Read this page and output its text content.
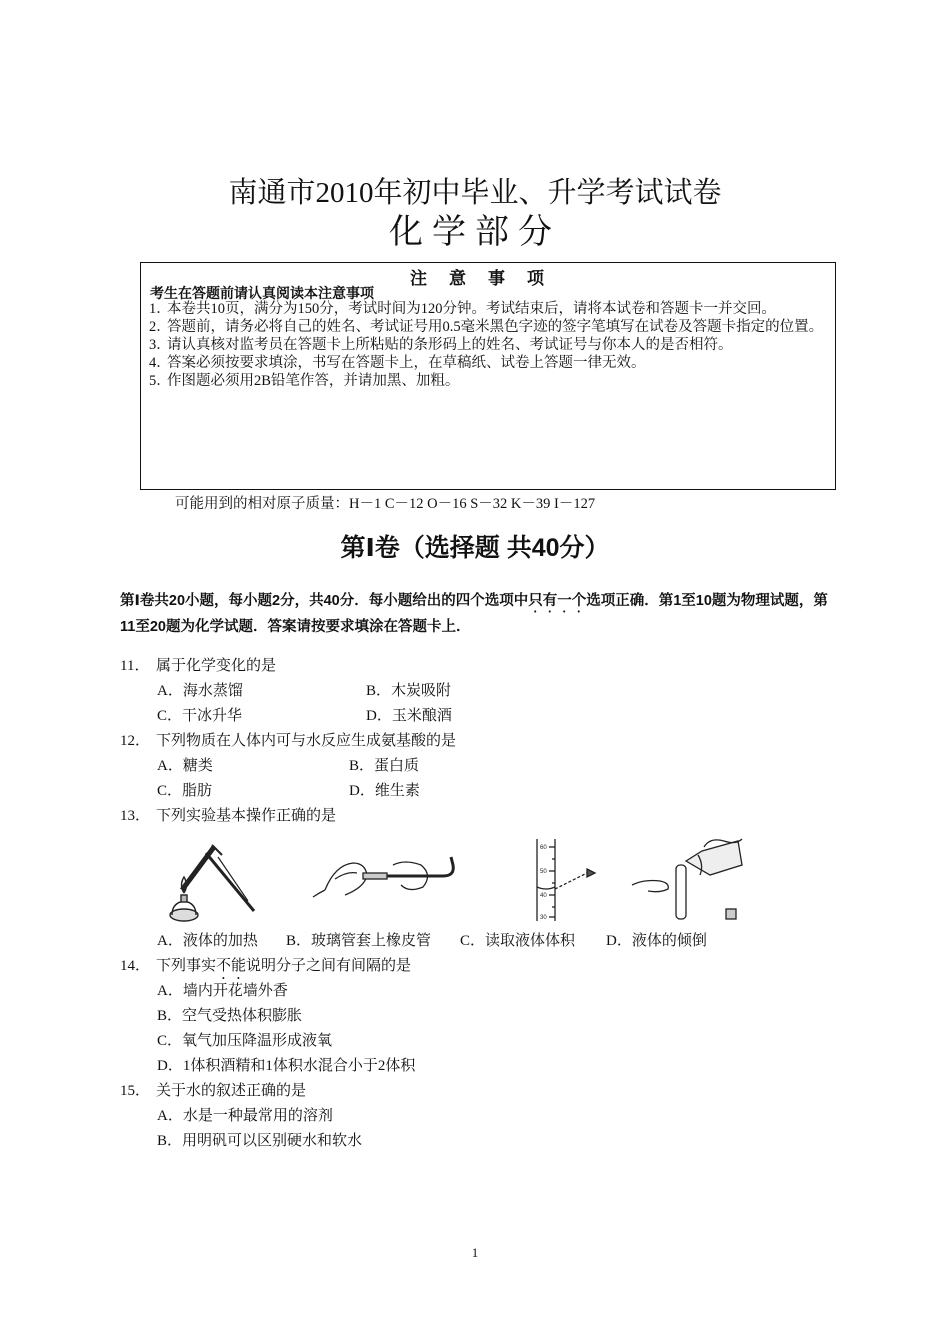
南通市2010年初中毕业、升学考试试卷
化学部分
注意事项
考生在答题前请认真阅读本注意事项
1．
本卷共10页，满分为150分，考试时间为120分钟。考试结束后，请将本试卷和答题卡一并交回。
2．
答题前，请务必将自己的姓名、考试证号用0.5毫米黑色字迹的签字笔填写在试卷及答题卡指定的位置。
3．
请认真核对监考员在答题卡上所粘贴的条形码上的姓名、考试证号与你本人的是否相符。
4．
答案必须按要求填涂，书写在答题卡上，在草稿纸、试卷上答题一律无效。
5．
作图题必须用2B铅笔作答，并请加黑、加粗。
可能用到的相对原子质量：H－1 C－12 O－16 S－32 K－39 I－127
第Ⅰ卷（选择题 共40分）
第Ⅰ卷共20小题，每小题2分，共40分．每小题给出的四个选项中只有一个选项正确．第1至10题为物理试题，第11至20题为化学试题．答案请按要求填涂在答题卡上．
11． 属于化学变化的是
A．海水蒸馏	B．木炭吸附
C．干冰升华	D．玉米酿酒
12． 下列物质在人体内可与水反应生成氨基酸的是
A．糖类	B．蛋白质
C．脂肪	D．维生素
13． 下列实验基本操作正确的是
60
50
40
30
A．液体的加热 B．玻璃管套上橡皮管 C．读取液体体积 D．液体的倾倒
14． 下列事实不能说明分子之间有间隔的是
A．墙内开花墙外香
B．空气受热体积膨胀
C．氧气加压降温形成液氧
D．1体积酒精和1体积水混合小于2体积
15． 关于水的叙述正确的是
A．水是一种最常用的溶剂
B．用明矾可以区别硬水和软水
1
